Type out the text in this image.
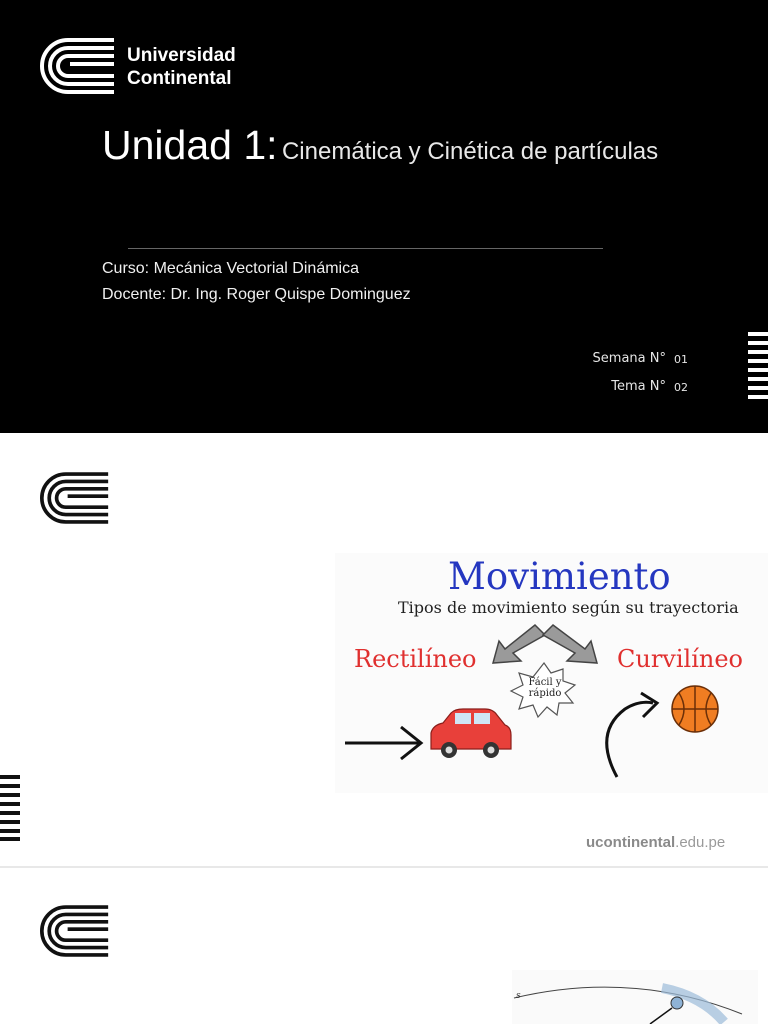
Universidad
Continental
Unidad 1: Cinemática y Cinética de partículas
Curso: Mecánica Vectorial Dinámica
Docente: Dr. Ing. Roger Quispe Dominguez
Semana N° 01
Tema N° 02
Movimiento
Tipos de movimiento según su trayectoria
Rectilíneo	Curvilíneo
Fácil y
rápido
ucontinental.edu.pe
s
